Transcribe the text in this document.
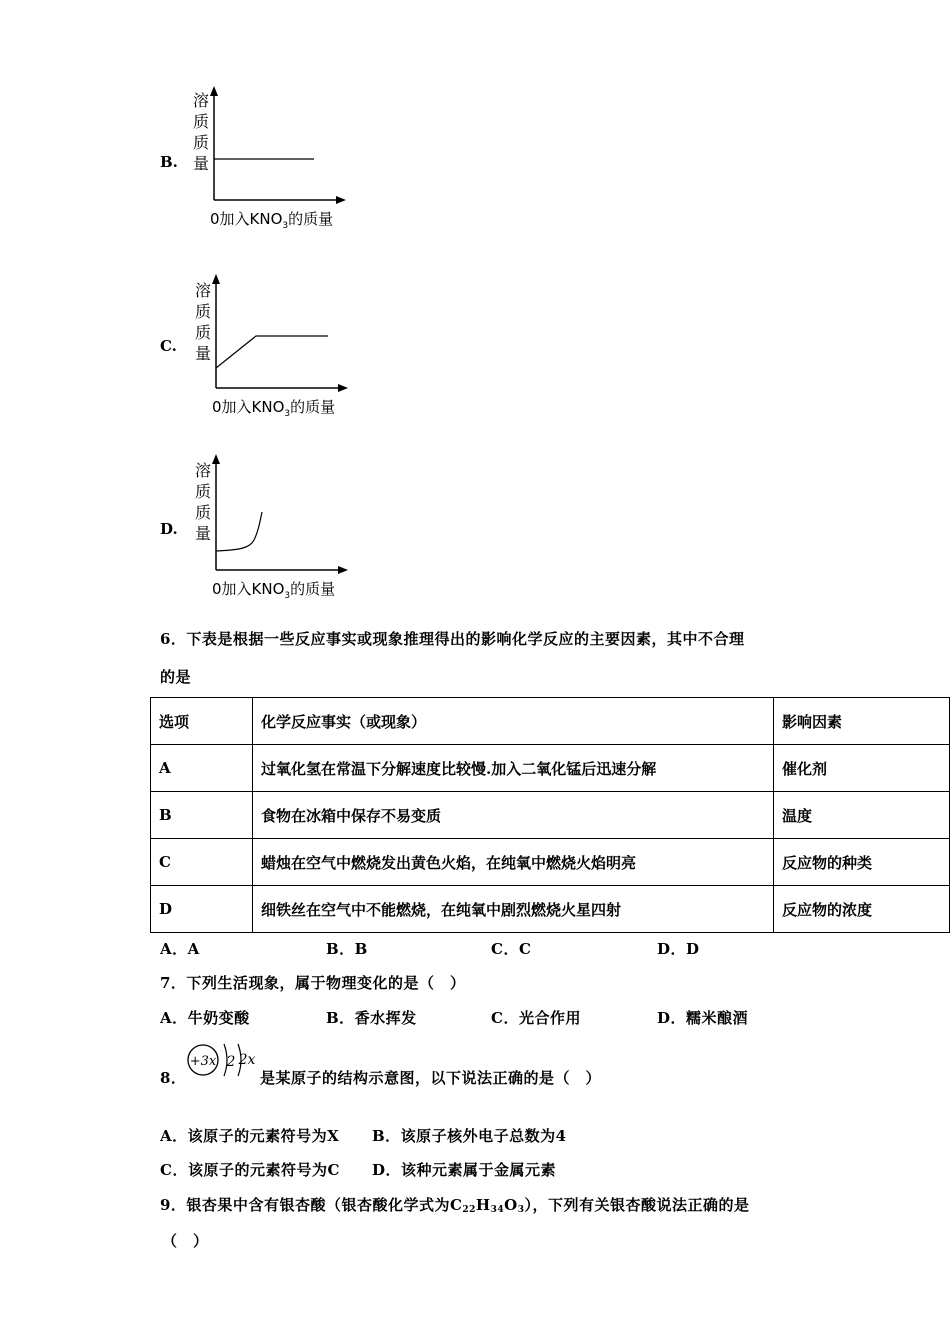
B.
溶
质
质
量
0加入$KNO_3$的质量
C.
溶
质
质
量
0加入$KNO_3$的质量
D.
溶
质
质
量
0加入$KNO_3$的质量
6．下表是根据一些反应事实或现象推理得出的影响化学反应的主要因素，其中不合理
的是
选项	化学反应事实（或现象）	影响因素
A	过氧化氢在常温下分解速度比较慢.加入二氧化锰后迅速分解	催化剂
B	食物在冰箱中保存不易变质	温度
C	蜡烛在空气中燃烧发出黄色火焰，在纯氧中燃烧火焰明亮	反应物的种类
D	细铁丝在空气中不能燃烧，在纯氧中剧烈燃烧火星四射	反应物的浓度
A．A	B．B	C．C	D．D
7．下列生活现象，属于物理变化的是（　）
A．牛奶变酸	B．香水挥发	C．光合作用	D．糯米酿酒
8．
+3x 2 2x
是某原子的结构示意图，以下说法正确的是（　）
A．该原子的元素符号为X B．该原子核外电子总数为4
C．该原子的元素符号为C D．该种元素属于金属元素
9．银杏果中含有银杏酸（银杏酸化学式为$C_{22}H_{34}O_3$），下列有关银杏酸说法正确的是
（　）
